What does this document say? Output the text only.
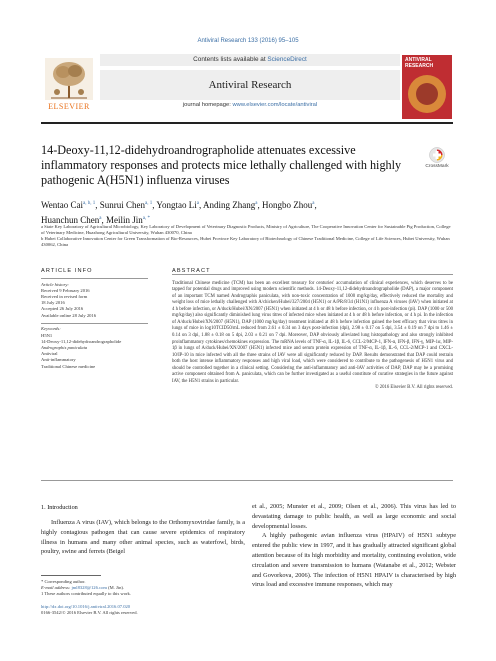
Antiviral Research 133 (2016) 95–105
ELSEVIER
Contents lists available at ScienceDirect
Antiviral Research
journal homepage: www.elsevier.com/locate/antiviral
ANTIVIRAL RESEARCH
14-Deoxy-11,12-didehydroandrographolide attenuates excessive inflammatory responses and protects mice lethally challenged with highly pathogenic A(H5N1) influenza viruses
CrossMark
Wentao Cai$^{a, b, 1}$, Sunrui Chen$^{a, 1}$, Yongtao Li$^a$, Anding Zhang$^a$, Hongbo Zhou$^a$,
Huanchun Chen$^a$, Meilin Jin$^{a, *}$
a State Key Laboratory of Agricultural Microbiology, Key Laboratory of Development of Veterinary Diagnostic Products, Ministry of Agriculture, The Cooperative Innovation Center for Sustainable Pig Production, College of Veterinary Medicine, Huazhong Agricultural University, Wuhan 430070, China
b Hubei Collaborative Innovation Center for Green Transformation of Bio-Resources, Hubei Province Key Laboratory of Biotechnology of Chinese Traditional Medicine, College of Life Sciences, Hubei University, Wuhan 430062, China
ARTICLE INFO
Article history:
Received 9 February 2016
Received in revised form
18 July 2016
Accepted 26 July 2016
Available online 28 July 2016
Keywords:
H5N1
14-Deoxy-11,12-didehydroandrographolide
Andrographis paniculata
Antiviral
Anti-inflammatory
Traditional Chinese medicine
ABSTRACT
Traditional Chinese medicine (TCM) has been an excellent treasury for centuries' accumulation of clinical experiences, which deserves to be tapped for potential drugs and improved using modern scientific methods. 14-Deoxy-11,12-didehydroandrographolide (DAP), a major component of an important TCM named Andrographis paniculata, with non-toxic concentration of 1000 mg/kg/day, effectively reduced the mortality and weight loss of mice lethally challenged with A/chicken/Hubei/327/2004 (H5N1) or A/PR/8/34 (H1N1) influenza A viruses (IAV) when initiated at 4 h before infection, or A/duck/Hubei/XN/2007 (H5N1) when initiated at 4 h or 48 h before infection, or 4 h post-infection (pi). DAP (1000 or 500 mg/kg/day) also significantly diminished lung virus titres of infected mice when initiated at 4 h or 48 h before infection, or 4 h pi. In the infection of A/duck/Hubei/XN/2007 (H5N1), DAP (1000 mg/kg/day) treatment initiated at 48 h before infection gained the best efficacy that virus titres in lungs of mice in log10TCID50/mL reduced from 2.61 ± 0.34 on 3 days post-infection (dpi), 2.98 ± 0.17 on 5 dpi, 3.54 ± 0.19 on 7 dpi to 1.46 ± 0.14 on 3 dpi, 1.88 ± 0.18 on 5 dpi, 2.03 ± 0.21 on 7 dpi. Moreover, DAP obviously alleviated lung histopathology and also strongly inhibited proinflammatory cytokines/chemokines expression. The mRNA levels of TNF-α, IL-1β, IL-6, CCL-2/MCP-1, IFN-α, IFN-β, IFN-γ, MIP-1α, MIP-1β in lungs of A/duck/Hubei/XN/2007 (H5N1) infected mice and serum protein expression of TNF-α, IL-1β, IL-6, CCL-2/MCP-1 and CXCL-10/IP-10 in mice infected with all the three strains of IAV were all significantly reduced by DAP. Results demonstrated that DAP could restrain both the host intense inflammatory responses and high viral load, which were considered to contribute to the pathogenesis of H5N1 virus and should be controlled together in a clinical setting. Considering the anti-inflammatory and anti-IAV activities of DAP, DAP may be a promising active component obtained from A. paniculata, which can be further investigated as a useful constitute of curative strategies in the future against IAV, the H5N1 strains in particular.
© 2016 Elsevier B.V. All rights reserved.
1. Introduction
Influenza A virus (IAV), which belongs to the Orthomyxoviridae family, is a highly contagious pathogen that can cause severe epidemics of respiratory illness in humans and many other animal species, such as waterfowl, birds, poultry, swine and ferrets (Beigel
et al., 2005; Munster et al., 2009; Olsen et al., 2006). This virus has led to devastating damage to public health, as well as large economic and social developmental losses.
A highly pathogenic avian influenza virus (HPAIV) of H5N1 subtype entered the public view in 1997, and it has gradually attracted significant global attention because of its high morbidity and mortality, continuing evolution, wide circulation and severe transmission to humans (Watanabe et al., 2012; Webster and Govorkova, 2006). The infection of H5N1 HPAIV is characterised by high virus load and excessive immune responses, which may
* Corresponding author.
E-mail address: jml8328@126.com (M. Jin).
1 These authors contributed equally to this work.
http://dx.doi.org/10.1016/j.antiviral.2016.07.020
0166-3542/© 2016 Elsevier B.V. All rights reserved.
